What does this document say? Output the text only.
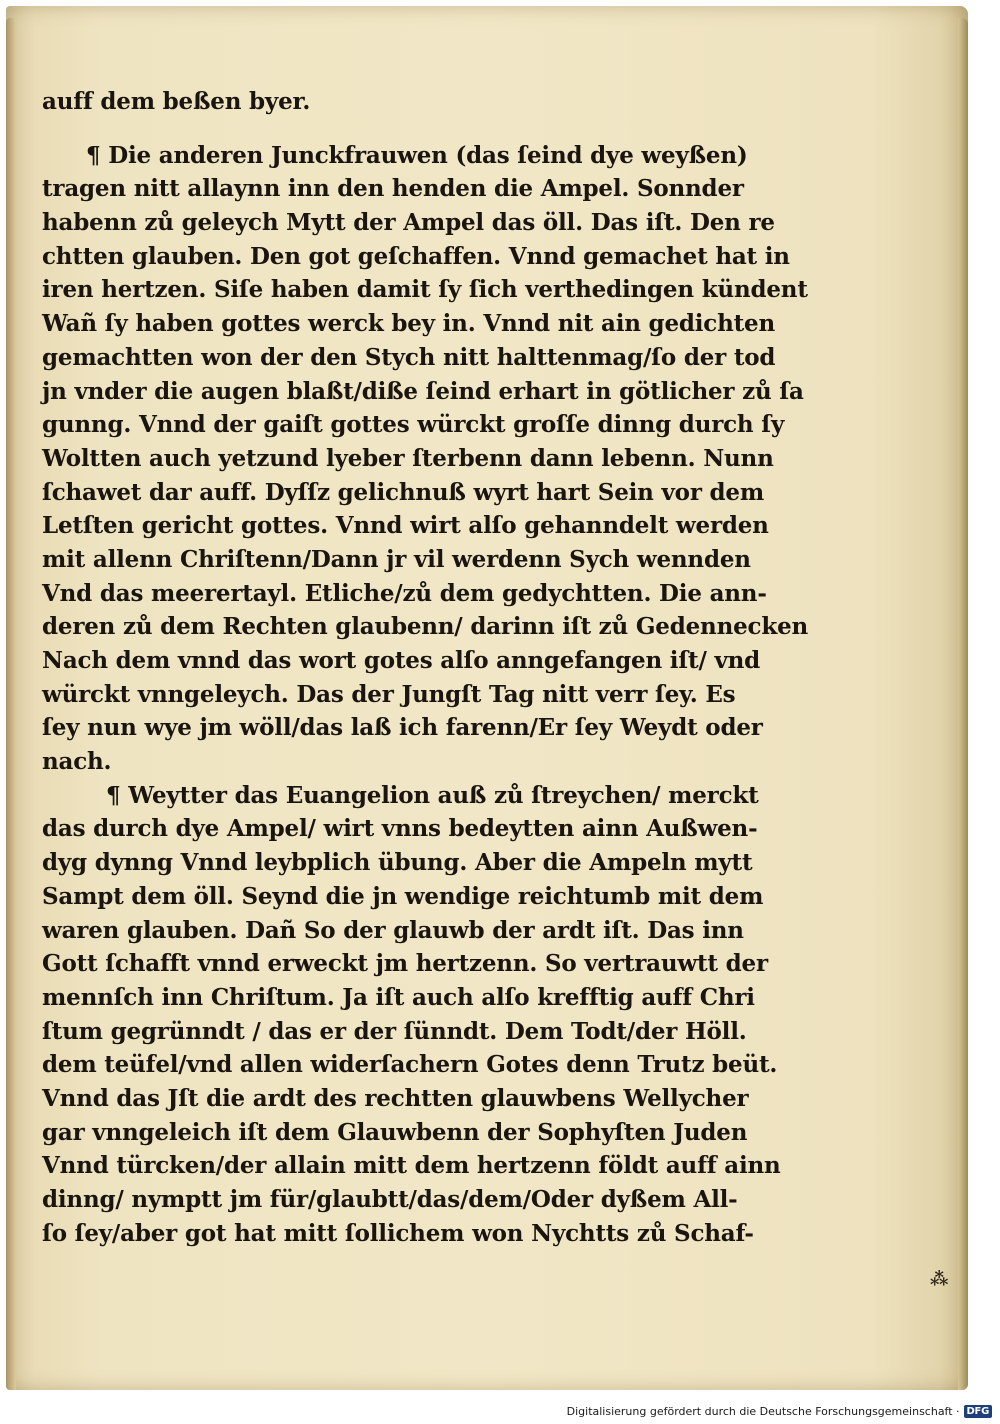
auff dem beßen byer.
¶ Die anderen Junckfrauwen (das ſeind dye weyßen)
tragen nitt allaynn inn den henden die Ampel. Sonnder
habenn zů geleych Mytt der Ampel das öll. Das iſt. Den re
chtten glauben. Den got geſchaffen. Vnnd gemachet hat in
iren hertzen. Siſe haben damit ſy ſich verthedingen kündent
Wañ ſy haben gottes werck bey in. Vnnd nit ain gedichten
gemachtten won der den Stych nitt halttenmag/ſo der tod
jn vnder die augen blaßt/diße ſeind erhart in götlicher zů ſa
gunng. Vnnd der gaiſt gottes würckt groſſe dinng durch ſy
Woltten auch yetzund lyeber ſterbenn dann lebenn. Nunn
ſchawet dar auff. Dyſſz gelichnuß wyrt hart Sein vor dem
Letſten gericht gottes. Vnnd wirt alſo gehanndelt werden
mit allenn Chriſtenn/Dann jr vil werdenn Sych wennden
Vnd das meerertayl. Etliche/zů dem gedychtten. Die ann-
deren zů dem Rechten glaubenn/ darinn iſt zů Gedennecken
Nach dem vnnd das wort gotes alſo anngefangen iſt/ vnd
würckt vnngeleych. Das der Jungſt Tag nitt verr ſey. Es
ſey nun wye jm wöll/das laß ich farenn/Er ſey Weydt oder
nach.
¶ Weytter das Euangelion auß zů ſtreychen/ merckt
das durch dye Ampel/ wirt vnns bedeytten ainn Außwen-
dyg dynng Vnnd leybplich übung. Aber die Ampeln mytt
Sampt dem öll. Seynd die jn wendige reichtumb mit dem
waren glauben. Dañ So der glauwb der ardt iſt. Das inn
Gott ſchafft vnnd erweckt jm hertzenn. So vertrauwtt der
mennſch inn Chriſtum. Ja iſt auch alſo krefftig auff Chri
ſtum gegrünndt / das er der ſünndt. Dem Todt/der Höll.
dem teüfel/vnd allen widerſachern Gotes denn Trutz beüt.
Vnnd das Jſt die ardt des rechtten glauwbens Wellycher
gar vnngeleich iſt dem Glauwbenn der Sophyſten Juden
Vnnd türcken/der allain mitt dem hertzenn földt auff ainn
dinng/ nymptt jm für/glaubtt/das/dem/Oder dyßem All-
ſo ſey/aber got hat mitt ſollichem won Nychtts zů Schaf-
⁂
Digitalisierung gefördert durch die Deutsche Forschungsgemeinschaft · DFG
